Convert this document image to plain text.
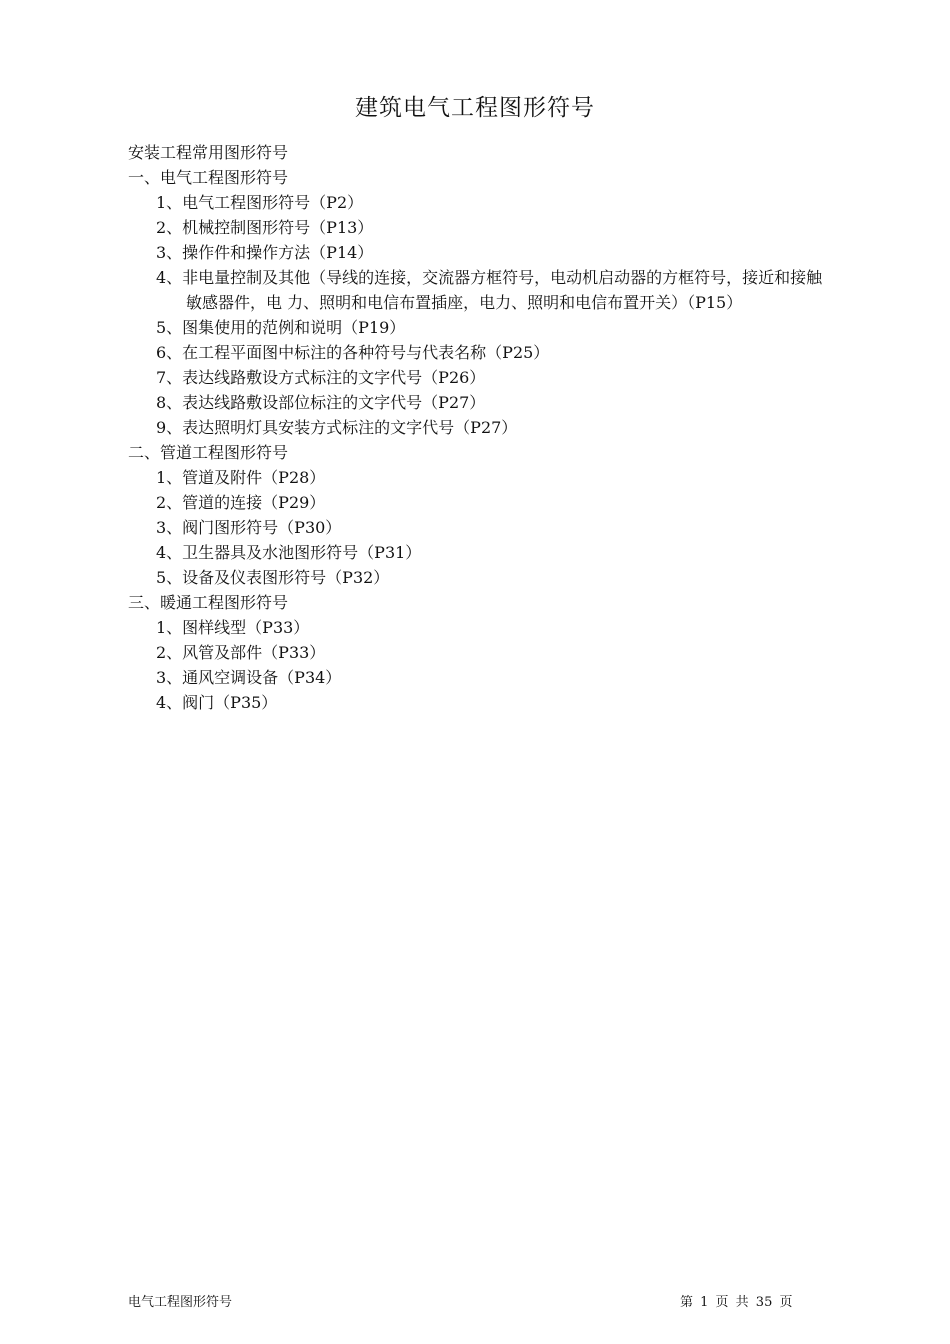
建筑电气工程图形符号
安装工程常用图形符号
一、电气工程图形符号
1、电气工程图形符号（P2）
2、机械控制图形符号（P13）
3、操作件和操作方法（P14）
4、非电量控制及其他（导线的连接，交流器方框符号，电动机启动器的方框符号，接近和接触敏感器件，电 力、照明和电信布置插座，电力、照明和电信布置开关）（P15）
5、图集使用的范例和说明（P19）
6、在工程平面图中标注的各种符号与代表名称（P25）
7、表达线路敷设方式标注的文字代号（P26）
8、表达线路敷设部位标注的文字代号（P27）
9、表达照明灯具安装方式标注的文字代号（P27）
二、管道工程图形符号
1、管道及附件（P28）
2、管道的连接（P29）
3、阀门图形符号（P30）
4、卫生器具及水池图形符号（P31）
5、设备及仪表图形符号（P32）
三、暖通工程图形符号
1、图样线型（P33）
2、风管及部件（P33）
3、通风空调设备（P34）
4、阀门（P35）
电气工程图形符号	第 1 页 共 35 页
